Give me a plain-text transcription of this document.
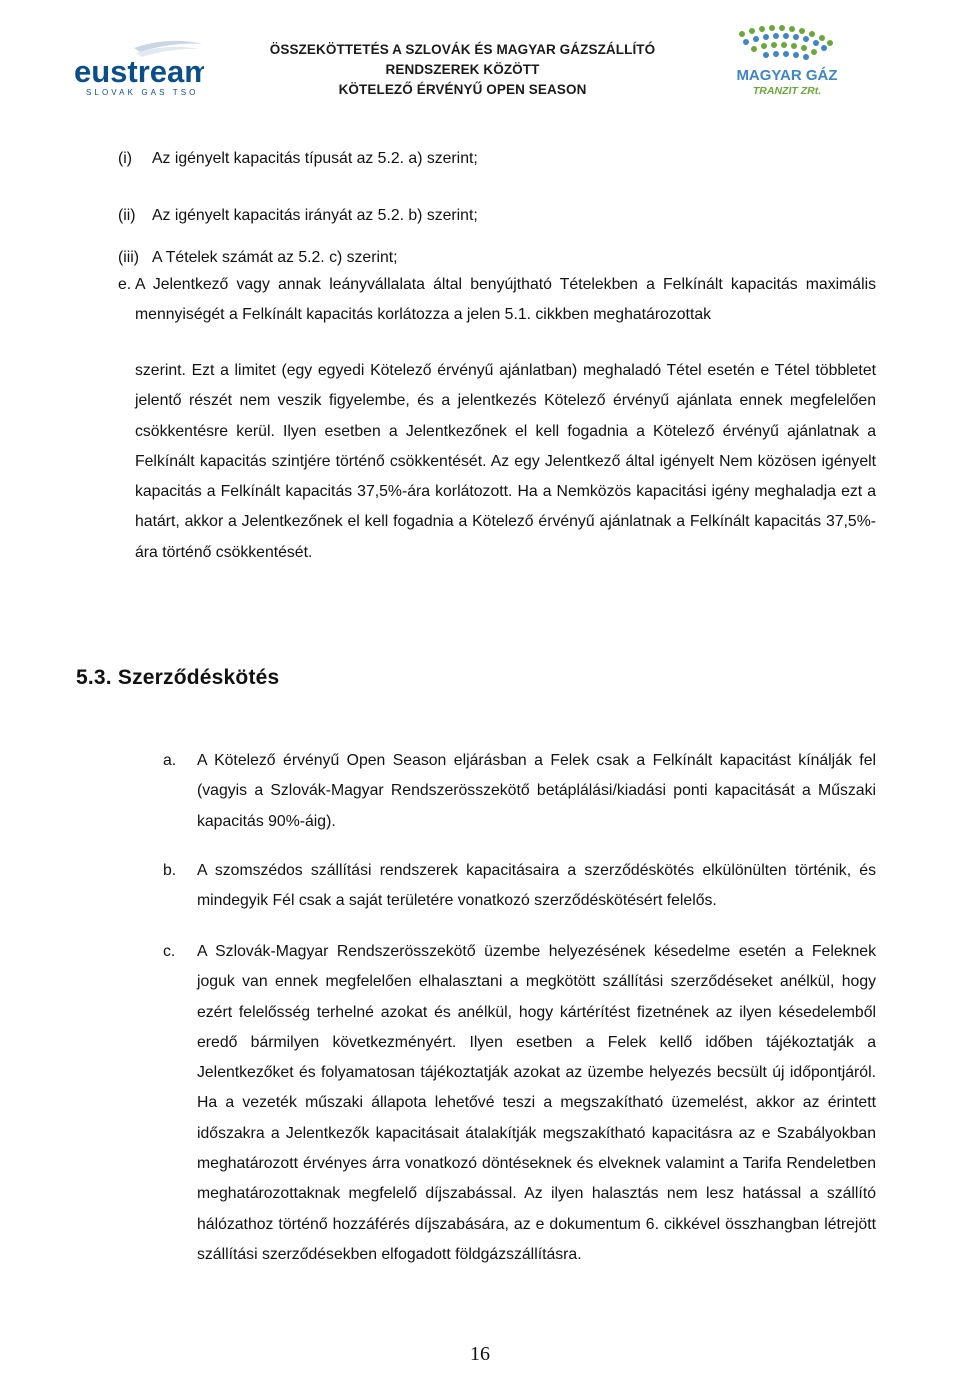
eustream
SLOVAK GAS TSO
ÖSSZEKÖTTETÉS A SZLOVÁK ÉS MAGYAR GÁZSZÁLLÍTÓ
RENDSZEREK KÖZÖTT
KÖTELEZŐ ÉRVÉNYŰ OPEN SEASON
MAGYAR GÁZ
TRANZIT ZRt.
(i) Az igényelt kapacitás típusát az 5.2. a) szerint;
(ii) Az igényelt kapacitás irányát az 5.2. b) szerint;
(iii) A Tételek számát az 5.2. c) szerint;
e. A Jelentkező vagy annak leányvállalata által benyújtható Tételekben a Felkínált kapacitás maximális mennyiségét a Felkínált kapacitás korlátozza a jelen 5.1. cikkben meghatározottak

szerint. Ezt a limitet (egy egyedi Kötelező érvényű ajánlatban) meghaladó Tétel esetén e Tétel többletet jelentő részét nem veszik figyelembe, és a jelentkezés Kötelező érvényű ajánlata ennek megfelelően csökkentésre kerül. Ilyen esetben a Jelentkezőnek el kell fogadnia a Kötelező érvényű ajánlatnak a Felkínált kapacitás szintjére történő csökkentését. Az egy Jelentkező által igényelt Nem közösen igényelt kapacitás a Felkínált kapacitás 37,5%-ára korlátozott. Ha a Nemközös kapacitási igény meghaladja ezt a határt, akkor a Jelentkezőnek el kell fogadnia a Kötelező érvényű ajánlatnak a Felkínált kapacitás 37,5%-ára történő csökkentését.

5.3. Szerződéskötés
a. A Kötelező érvényű Open Season eljárásban a Felek csak a Felkínált kapacitást kínálják fel (vagyis a Szlovák-Magyar Rendszerösszekötő betáplálási/kiadási ponti kapacitását a Műszaki kapacitás 90%-áig).

b. A szomszédos szállítási rendszerek kapacitásaira a szerződéskötés elkülönülten történik, és mindegyik Fél csak a saját területére vonatkozó szerződéskötésért felelős.

c. A Szlovák-Magyar Rendszerösszekötő üzembe helyezésének késedelme esetén a Feleknek joguk van ennek megfelelően elhalasztani a megkötött szállítási szerződéseket anélkül, hogy ezért felelősség terhelné azokat és anélkül, hogy kártérítést fizetnének az ilyen késedelemből eredő bármilyen következményért. Ilyen esetben a Felek kellő időben tájékoztatják a Jelentkezőket és folyamatosan tájékoztatják azokat az üzembe helyezés becsült új időpontjáról. Ha a vezeték műszaki állapota lehetővé teszi a megszakítható üzemelést, akkor az érintett időszakra a Jelentkezők kapacitásait átalakítják megszakítható kapacitásra az e Szabályokban meghatározott érvényes árra vonatkozó döntéseknek és elveknek valamint a Tarifa Rendeletben meghatározottaknak megfelelő díjszabással. Az ilyen halasztás nem lesz hatással a szállító hálózathoz történő hozzáférés díjszabására, az e dokumentum 6. cikkével összhangban létrejött szállítási szerződésekben elfogadott földgázszállításra.

16
